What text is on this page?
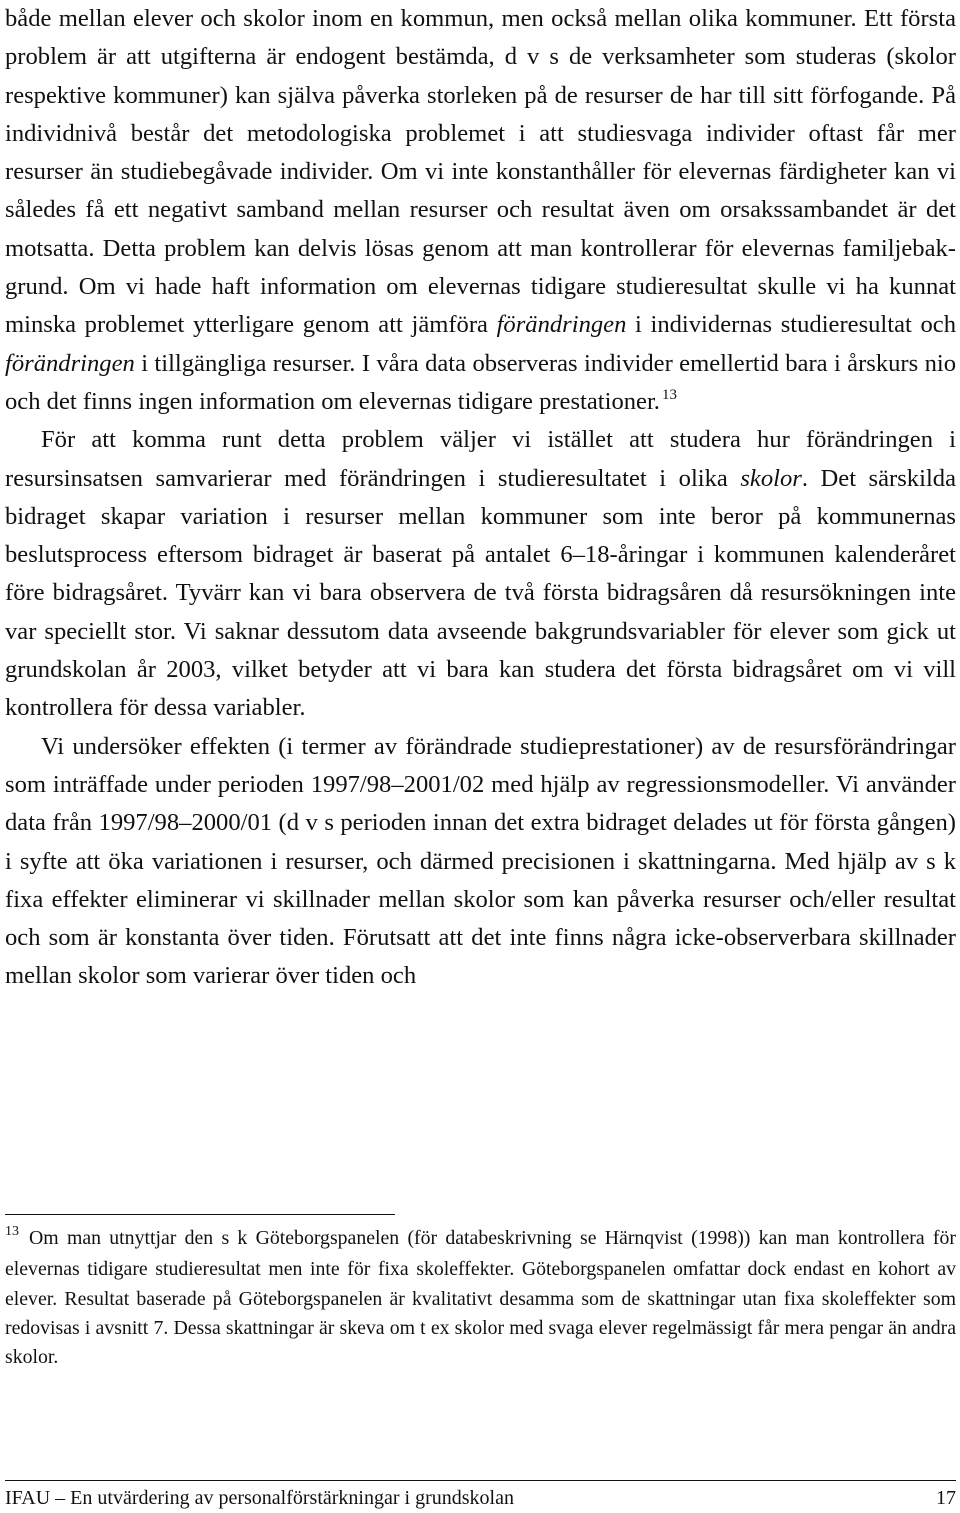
både mellan elever och skolor inom en kommun, men också mellan olika kommuner. Ett första problem är att utgifterna är endogent bestämda, d v s de verksamheter som studeras (skolor respektive kommuner) kan själva påverka storleken på de resurser de har till sitt förfogande. På individnivå består det metodologiska problemet i att studiesvaga individer oftast får mer resurser än studiebegåvade individer. Om vi inte konstanthåller för elevernas färdigheter kan vi således få ett negativt samband mellan resurser och resultat även om orsakssambandet är det motsatta. Detta problem kan delvis lösas genom att man kontrollerar för elevernas familjebakgrund. Om vi hade haft information om elevernas tidigare studieresultat skulle vi ha kunnat minska problemet ytterligare genom att jämföra förändringen i individernas studieresultat och förändringen i tillgängliga resurser. I våra data observeras individer emellertid bara i årskurs nio och det finns ingen information om elevernas tidigare prestationer. $^{13}$

För att komma runt detta problem väljer vi istället att studera hur förändringen i resursinsatsen samvarierar med förändringen i studieresultatet i olika skolor. Det särskilda bidraget skapar variation i resurser mellan kommuner som inte beror på kommunernas beslutsprocess eftersom bidraget är baserat på antalet 6–18-åringar i kommunen kalenderåret före bidragsåret. Tyvärr kan vi bara observera de två första bidragsåren då resursökningen inte var speciellt stor. Vi saknar dessutom data avseende bakgrundsvariabler för elever som gick ut grundskolan år 2003, vilket betyder att vi bara kan studera det första bidragsåret om vi vill kontrollera för dessa variabler.

Vi undersöker effekten (i termer av förändrade studieprestationer) av de resursförändringar som inträffade under perioden 1997/98–2001/02 med hjälp av regressionsmodeller. Vi använder data från 1997/98–2000/01 (d v s perioden innan det extra bidraget delades ut för första gången) i syfte att öka variationen i resurser, och därmed precisionen i skattningarna. Med hjälp av s k fixa effekter eliminerar vi skillnader mellan skolor som kan påverka resurser och/eller resultat och som är konstanta över tiden. Förutsatt att det inte finns några icke-observerbara skillnader mellan skolor som varierar över tiden och

$^{13}$ Om man utnyttjar den s k Göteborgspanelen (för databeskrivning se Härnqvist (1998)) kan man kontrollera för elevernas tidigare studieresultat men inte för fixa skoleffekter. Göteborgspanelen omfattar dock endast en kohort av elever. Resultat baserade på Göteborgspanelen är kvalitativt desamma som de skattningar utan fixa skoleffekter som redovisas i avsnitt 7. Dessa skattningar är skeva om t ex skolor med svaga elever regelmässigt får mera pengar än andra skolor.

IFAU – En utvärdering av personalförstärkningar i grundskolan	17
